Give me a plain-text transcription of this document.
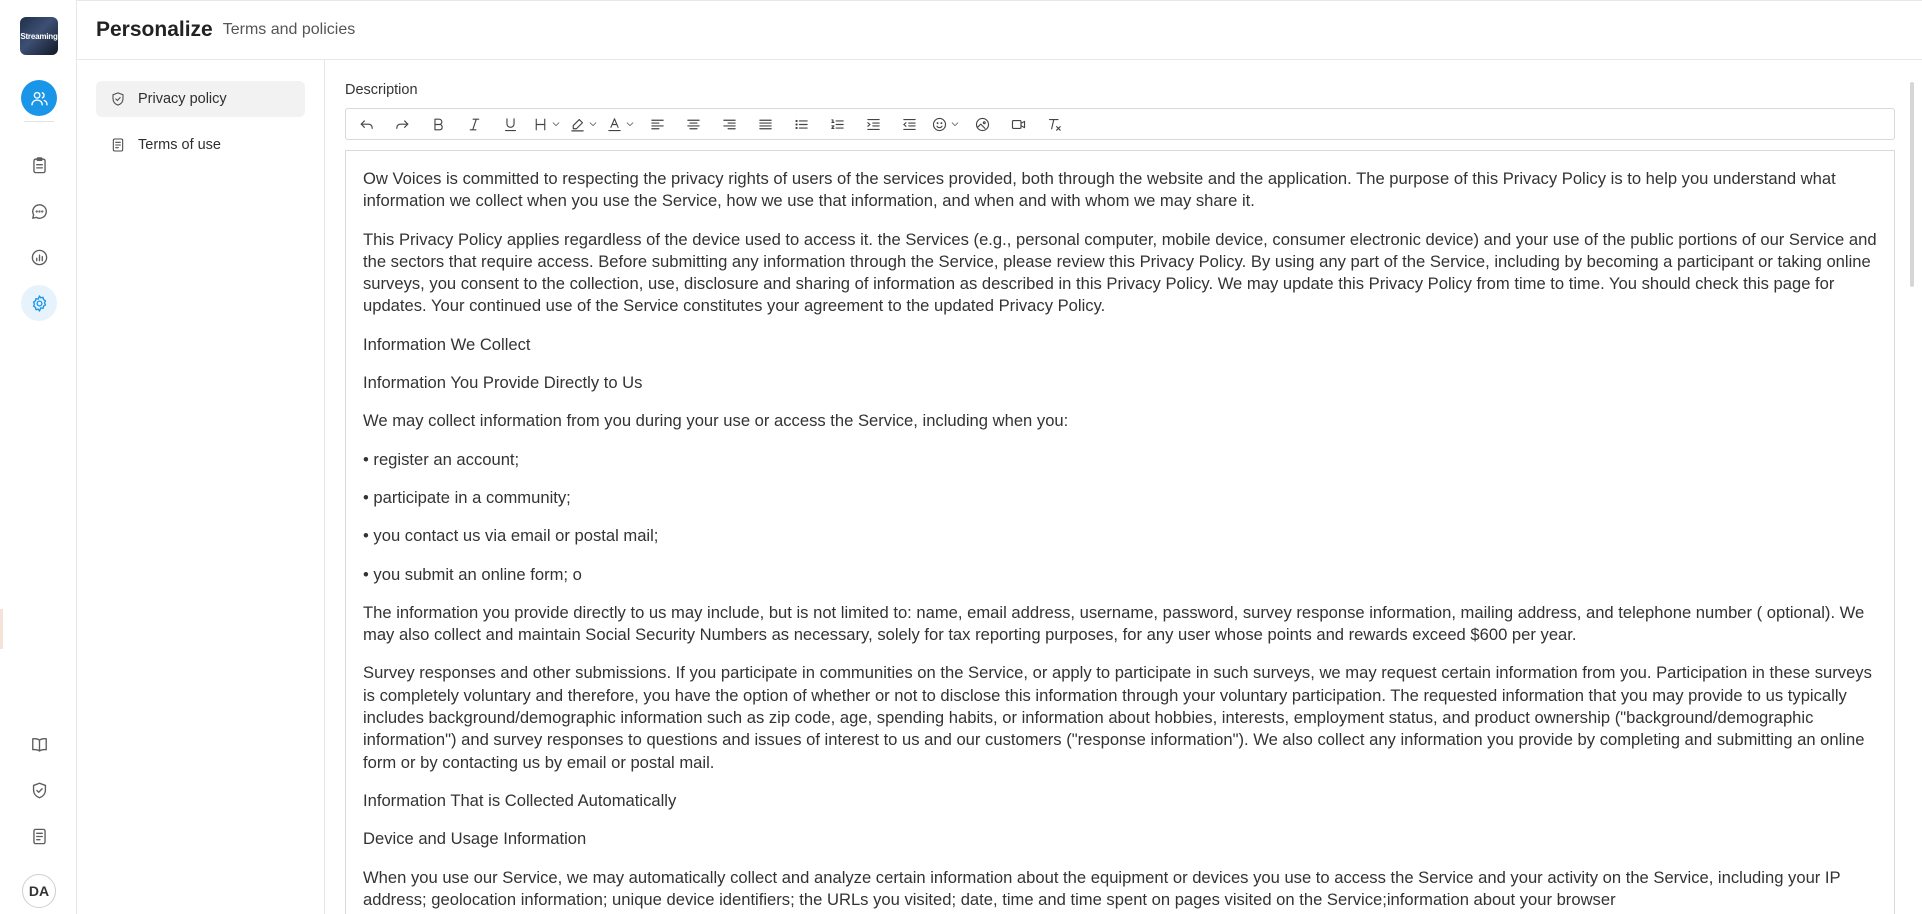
Streaming
DA
Personalize Terms and policies
Privacy policy
Terms of use
Description

Ow Voices is committed to respecting the privacy rights of users of the services provided, both through the website and the application. The purpose of this Privacy Policy is to help you understand what information we collect when you use the Service, how we use that information, and when and with whom we may share it.

This Privacy Policy applies regardless of the device used to access it. the Services (e.g., personal computer, mobile device, consumer electronic device) and your use of the public portions of our Service and the sectors that require access. Before submitting any information through the Service, please review this Privacy Policy. By using any part of the Service, including by becoming a participant or taking online surveys, you consent to the collection, use, disclosure and sharing of information as described in this Privacy Policy. We may update this Privacy Policy from time to time. You should check this page for updates. Your continued use of the Service constitutes your agreement to the updated Privacy Policy.

Information We Collect

Information You Provide Directly to Us

We may collect information from you during your use or access the Service, including when you:

• register an account;

• participate in a community;

• you contact us via email or postal mail;

• you submit an online form; o

The information you provide directly to us may include, but is not limited to: name, email address, username, password, survey response information, mailing address, and telephone number ( optional). We may also collect and maintain Social Security Numbers as necessary, solely for tax reporting purposes, for any user whose points and rewards exceed $600 per year.

Survey responses and other submissions. If you participate in communities on the Service, or apply to participate in such surveys, we may request certain information from you. Participation in these surveys is completely voluntary and therefore, you have the option of whether or not to disclose this information through your voluntary participation. The requested information that you may provide to us typically includes background/demographic information such as zip code, age, spending habits, or information about hobbies, interests, employment status, and product ownership ("background/demographic information") and survey responses to questions and issues of interest to us and our customers ("response information"). We also collect any information you provide by completing and submitting an online form or by contacting us by email or postal mail.

Information That is Collected Automatically

Device and Usage Information

When you use our Service, we may automatically collect and analyze certain information about the equipment or devices you use to access the Service and your activity on the Service, including your IP address; geolocation information; unique device identifiers; the URLs you visited; date, time and time spent on pages visited on the Service;information about your browser
